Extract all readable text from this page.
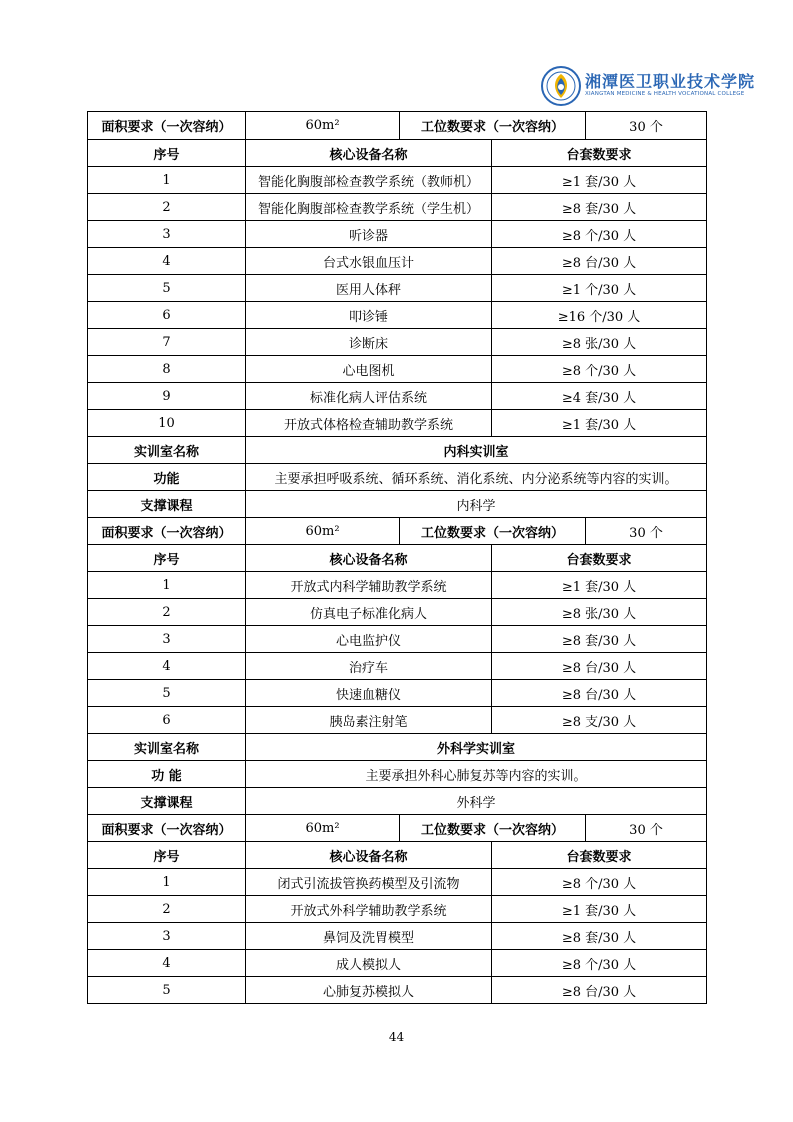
湘潭医卫职业技术学院
XIANGTAN MEDICINE & HEALTH VOCATIONAL COLLEGE
面积要求（一次容纳）	60m²	工位数要求（一次容纳）		30 个
序号	核心设备名称		台套数要求	
1	智能化胸腹部检查教学系统（教师机）		≥1 套/30 人	
2	智能化胸腹部检查教学系统（学生机）		≥8 套/30 人	
3	听诊器		≥8 个/30 人	
4	台式水银血压计		≥8 台/30 人	
5	医用人体秤		≥1 个/30 人	
6	叩诊锤		≥16 个/30 人	
7	诊断床		≥8 张/30 人	
8	心电图机		≥8 个/30 人	
9	标准化病人评估系统		≥4 套/30 人	
10	开放式体格检查辅助教学系统		≥1 套/30 人	
实训室名称	内科实训室			
功能	主要承担呼吸系统、循环系统、消化系统、内分泌系统等内容的实训。			
支撑课程	内科学			
面积要求（一次容纳）	60m²	工位数要求（一次容纳）		30 个
序号	核心设备名称		台套数要求	
1	开放式内科学辅助教学系统		≥1 套/30 人	
2	仿真电子标准化病人		≥8 张/30 人	
3	心电监护仪		≥8 套/30 人	
4	治疗车		≥8 台/30 人	
5	快速血糖仪		≥8 台/30 人	
6	胰岛素注射笔		≥8 支/30 人	
实训室名称	外科学实训室			
功 能	主要承担外科心肺复苏等内容的实训。			
支撑课程	外科学			
面积要求（一次容纳）	60m²	工位数要求（一次容纳）		30 个
序号	核心设备名称		台套数要求	
1	闭式引流拔管换药模型及引流物		≥8 个/30 人	
2	开放式外科学辅助教学系统		≥1 套/30 人	
3	鼻饲及洗胃模型		≥8 套/30 人	
4	成人模拟人		≥8 个/30 人	
5	心肺复苏模拟人		≥8 台/30 人	
44
